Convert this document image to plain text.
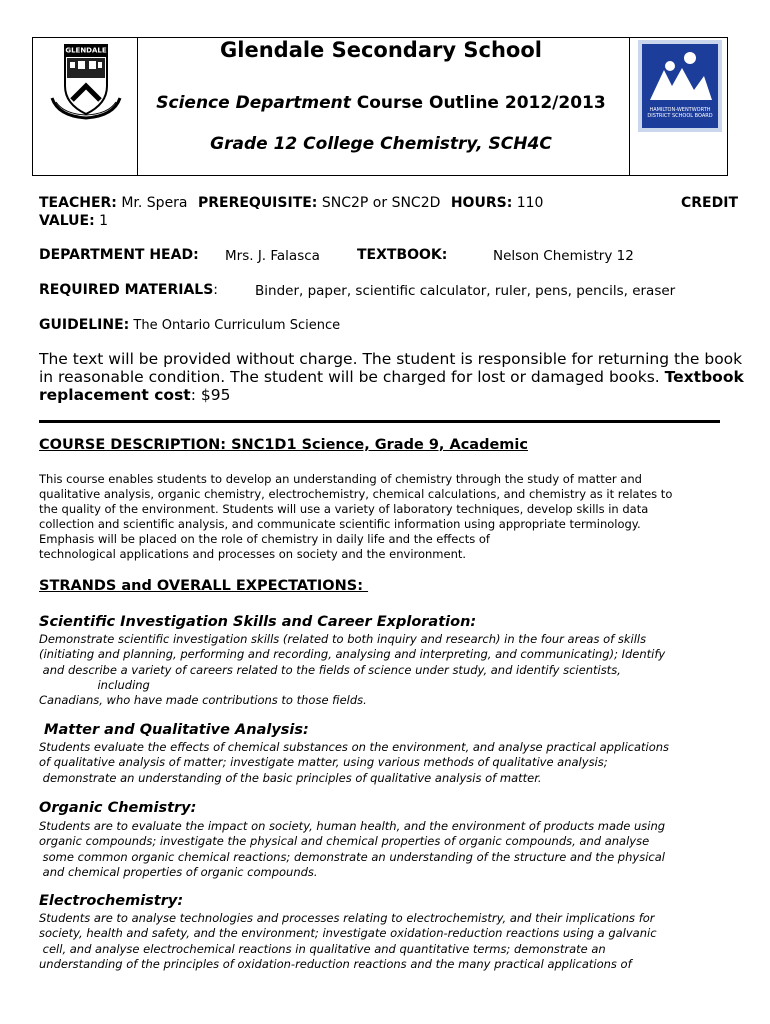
GLENDALE	Glendale Secondary School
Science Department Course Outline 2012/2013
Grade 12 College Chemistry, SCH4C
HAMILTON-WENTWORTH DISTRICT SCHOOL BOARD
TEACHER: Mr. Spera PREREQUISITE: SNC2P or SNC2D HOURS: 110	CREDIT
VALUE: 1
DEPARTMENT HEAD: Mrs. J. Falasca	TEXTBOOK:	Nelson Chemistry 12
REQUIRED MATERIALS:	Binder, paper, scientific calculator, ruler, pens, pencils, eraser
GUIDELINE: The Ontario Curriculum Science
The text will be provided without charge. The student is responsible for returning the book
in reasonable condition. The student will be charged for lost or damaged books. Textbook
replacement cost: $95
COURSE DESCRIPTION: SNC1D1 Science, Grade 9, Academic
This course enables students to develop an understanding of chemistry through the study of matter and
qualitative analysis, organic chemistry, electrochemistry, chemical calculations, and chemistry as it relates to
the quality of the environment. Students will use a variety of laboratory techniques, develop skills in data
collection and scientific analysis, and communicate scientific information using appropriate terminology.
Emphasis will be placed on the role of chemistry in daily life and the effects of
technological applications and processes on society and the environment.
STRANDS and OVERALL EXPECTATIONS:
Scientific Investigation Skills and Career Exploration:
Demonstrate scientific investigation skills (related to both inquiry and research) in the four areas of skills
(initiating and planning, performing and recording, analysing and interpreting, and communicating); Identify
and describe a variety of careers related to the fields of science under study, and identify scientists,
including
Canadians, who have made contributions to those fields.
Matter and Qualitative Analysis:
Students evaluate the effects of chemical substances on the environment, and analyse practical applications
of qualitative analysis of matter; investigate matter, using various methods of qualitative analysis;
demonstrate an understanding of the basic principles of qualitative analysis of matter.
Organic Chemistry:
Students are to evaluate the impact on society, human health, and the environment of products made using
organic compounds; investigate the physical and chemical properties of organic compounds, and analyse
some common organic chemical reactions; demonstrate an understanding of the structure and the physical
and chemical properties of organic compounds.
Electrochemistry:
Students are to analyse technologies and processes relating to electrochemistry, and their implications for
society, health and safety, and the environment; investigate oxidation-reduction reactions using a galvanic
cell, and analyse electrochemical reactions in qualitative and quantitative terms; demonstrate an
understanding of the principles of oxidation-reduction reactions and the many practical applications of
